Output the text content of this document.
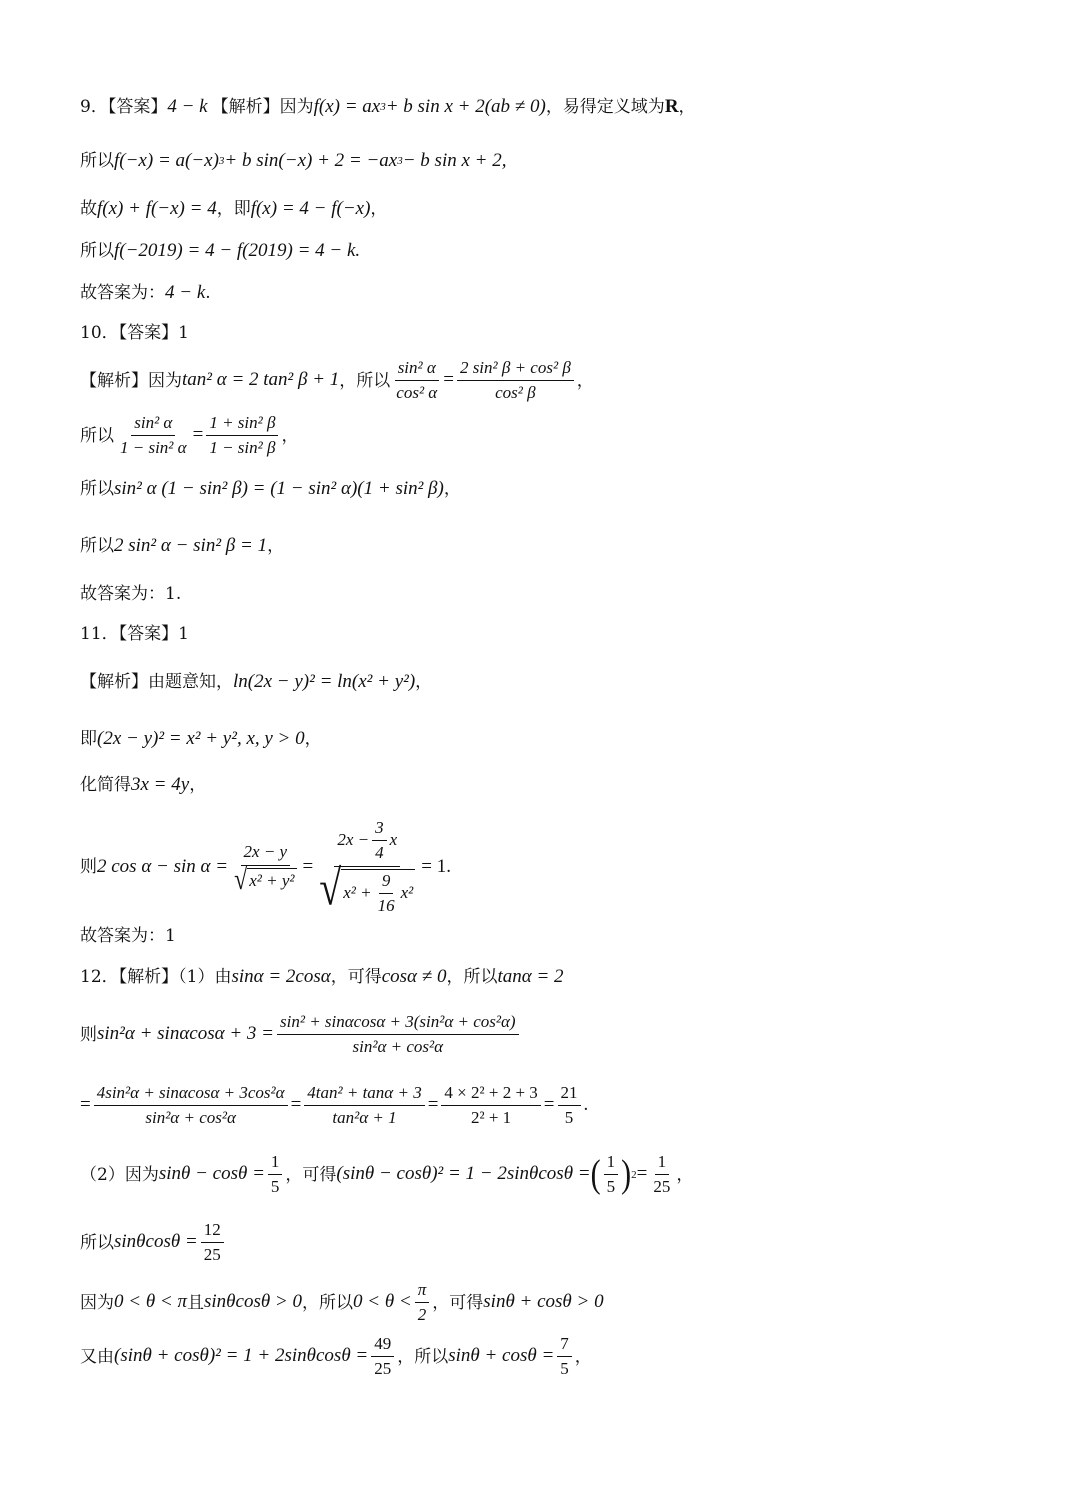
9．【答案】 4 − k 【解析】因为 f(x) = ax 3 + b sin x + 2(ab ≠ 0) ，易得定义域为 R ，
所以 f(−x) = a(−x) 3 + b sin(−x) + 2 = −ax 3 − b sin x + 2,
故 f(x) + f(−x) = 4 ，即 f(x) = 4 − f(−x) ，
所以 f(−2019) = 4 − f(2019) = 4 − k.
故答案为： 4 − k .
10．【答案】1
【解析】因为 tan² α = 2 tan² β + 1 ，所以 $\frac{\text{sin² α}}{\text{cos² α}} = \frac{\text{2 sin² β + cos² β}}{\text{cos² β}}$ ，
所以 $\frac{\text{sin² α}}{\text{1 − sin² α}} = \frac{\text{1 + sin² β}}{\text{1 − sin² β}}$ ，
所以 sin² α (1 − sin² β) = (1 − sin² α)(1 + sin² β) ，
所以 2 sin² α − sin² β = 1 ，
故答案为：1.
11．【答案】1
【解析】由题意知， ln(2x − y)² = ln(x² + y²) ，
即 (2x − y)² = x² + y², x, y > 0 ，
化简得 3x = 4y ，
则 2 $\cos \alpha - \sin \alpha = \frac{2x - y}{\text{√ x² + y²}} = \frac{2x - \frac{3}{4} x}{√ x^2 + \frac{9}{16} x^2} = 1$.
故答案为：1
12．【解析】（1）由 sinα = 2cosα ，可得 cosα ≠ 0 ，所以 tanα = 2
则 $\sin^2\alpha + \sin\alpha\cos\alpha + 3 = \frac{\text{sin² + sinαcosα + 3(sin²α + cos²α)}}{\text{sin²α + cos²α}}$
= $\frac{\text{4sin²α + sinαcosα + 3cos²α}}{\text{sin²α + cos²α}} = \frac{\text{4tan² + tanα + 3}}{\text{tan²α + 1}} = \frac{\text{4 × 2² + 2 + 3}}{\text{2² + 1}} = \frac{21}{5}$ .
（2）因为 $\sin\theta - \cos\theta = \frac{1}{5}$ ，可得 (sinθ − cosθ)² = 1 − 2sinθcosθ = ( $\frac{1}{5}$ ) $2 = \frac{1}{25}$ ，
所以 $\sin\theta\cos\theta = \frac{12}{25}$
因为 0 < θ < π 且 sinθcosθ > 0 ，所以 $0 < \theta < \frac{\pi}{2}$ ，可得 sinθ + cosθ > 0
又由 $(\sin\theta + \cos\theta)^2 = 1 + 2\sin\theta\cos\theta = \frac{49}{25}$ ，所以 $\sin\theta + \cos\theta = \frac{7}{5}$ ，
